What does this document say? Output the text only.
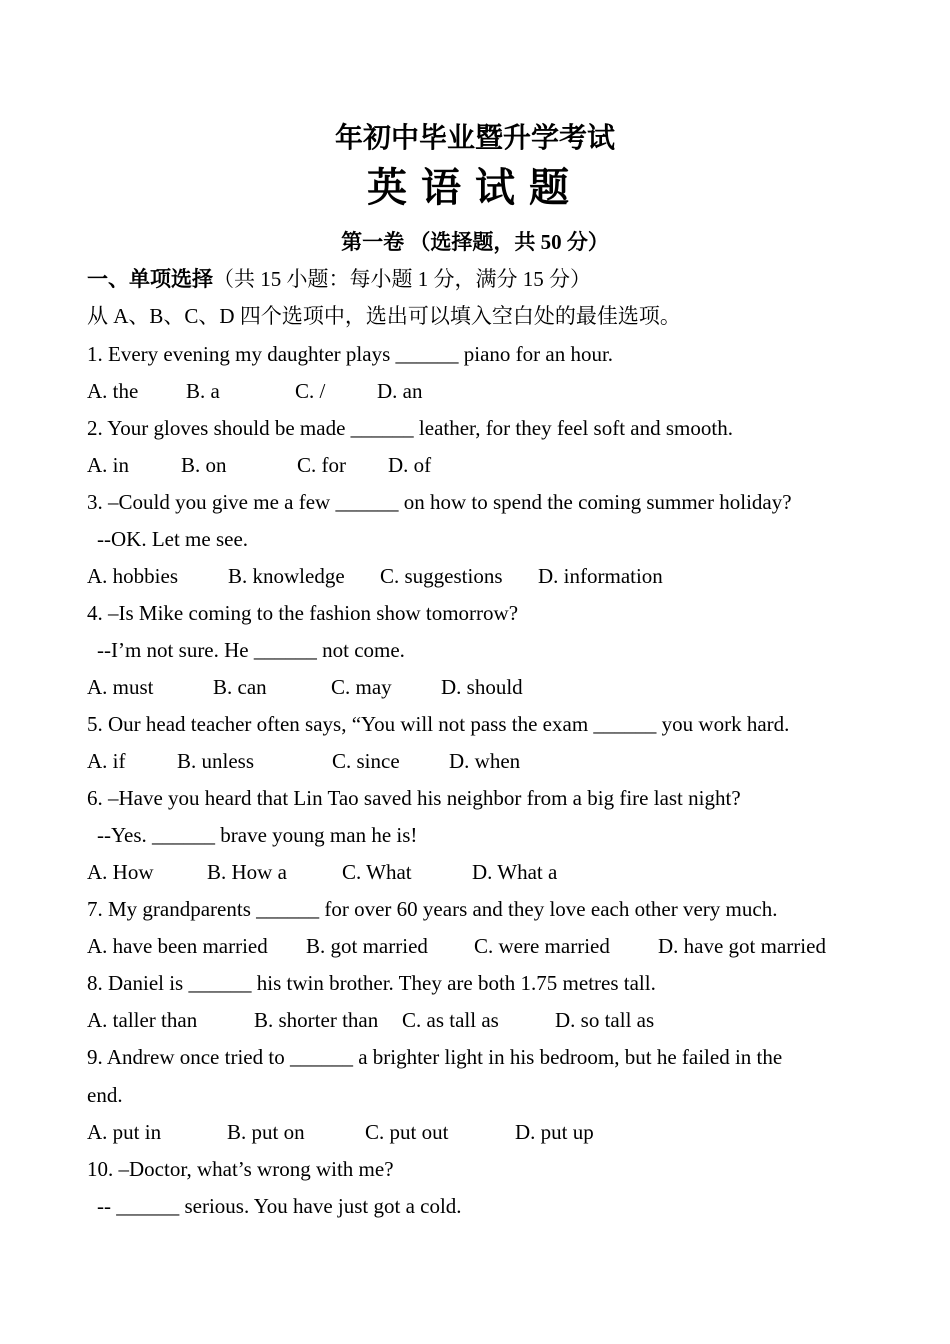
年初中毕业暨升学考试
英语试题
第一卷 （选择题，共 50 分）
一、单项选择（共 15 小题：每小题 1 分，满分 15 分）
从 A、B、C、D 四个选项中，选出可以填入空白处的最佳选项。
1. Every evening my daughter plays ______ piano for an hour.

A. the

B. a

	C. /

D. an

2. Your gloves should be made ______ leather, for they feel soft and smooth.

A. in

B. on

	C. for

D. of

3. –Could you give me a few ______ on how to spend the coming summer holiday?
--OK. Let me see.

A. hobbies

B. knowledge

C. suggestions

D. information

4. –Is Mike coming to the fashion show tomorrow?
--I’m not sure. He ______ not come.

A. must

	B. can

	C. may

D. should

5. Our head teacher often says, “You will not pass the exam ______ you work hard.

A. if

B. unless

	C. since

D. when

6. –Have you heard that Lin Tao saved his neighbor from a big fire last night?
--Yes. ______ brave young man he is!

A. How

	B. How a

	C. What

	D. What a

7. My grandparents ______ for over 60 years and they love each other very much.

A. have been married

B. got married

C. were married

D. have got married

8. Daniel is ______ his twin brother. They are both 1.75 metres tall.

A. taller than

	B. shorter than

C. as tall as

	D. so tall as

9. Andrew once tried to ______ a brighter light in his bedroom, but he failed in the
end.

A. put in

	B. put on

	C. put out

	D. put up

10. –Doctor, what’s wrong with me?
-- ______ serious. You have just got a cold.
